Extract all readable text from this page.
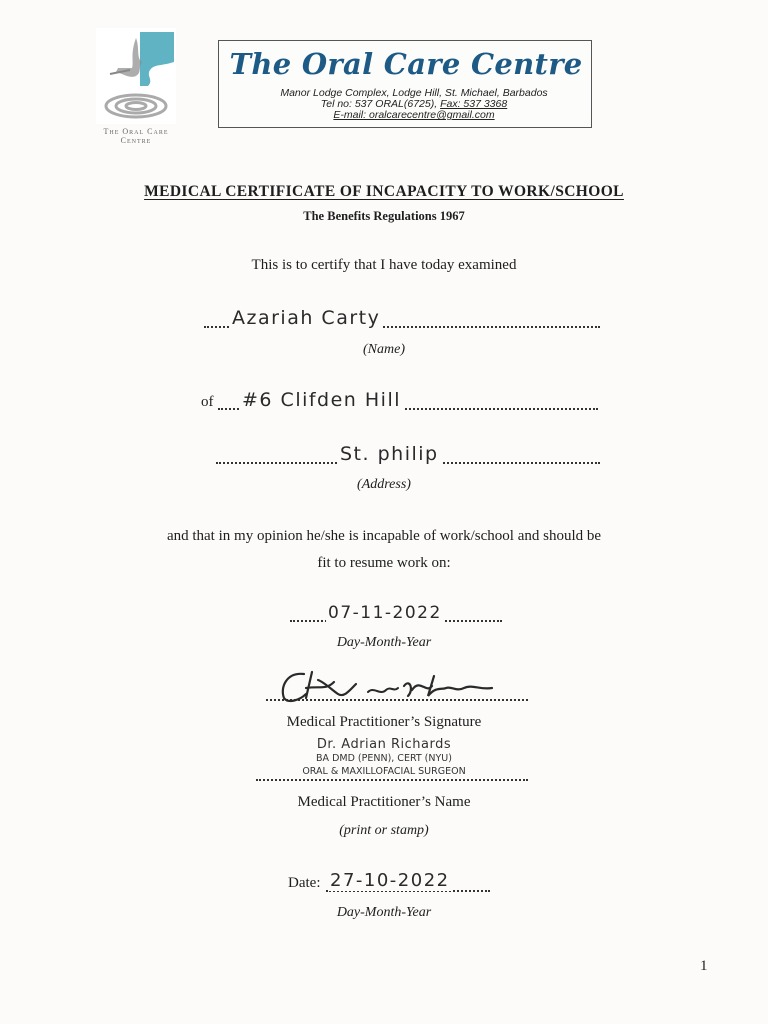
The Oral Care
Centre
The Oral Care Centre
Manor Lodge Complex, Lodge Hill, St. Michael, Barbados
Tel no: 537 ORAL(6725), Fax: 537 3368
E-mail: oralcarecentre@gmail.com
MEDICAL CERTIFICATE OF INCAPACITY TO WORK/SCHOOL
The Benefits Regulations 1967
This is to certify that I have today examined
Azariah Carty
(Name)
of #6 Clifden Hill
St. philip
(Address)
and that in my opinion he/she is incapable of work/school and should be
fit to resume work on:
07-11-2022
Day-Month-Year
Medical Practitioner’s Signature
Dr. Adrian Richards
BA DMD (PENN), CERT (NYU)
ORAL & MAXILLOFACIAL SURGEON
Medical Practitioner’s Name
(print or stamp)
Date: 27-10-2022
Day-Month-Year
1
